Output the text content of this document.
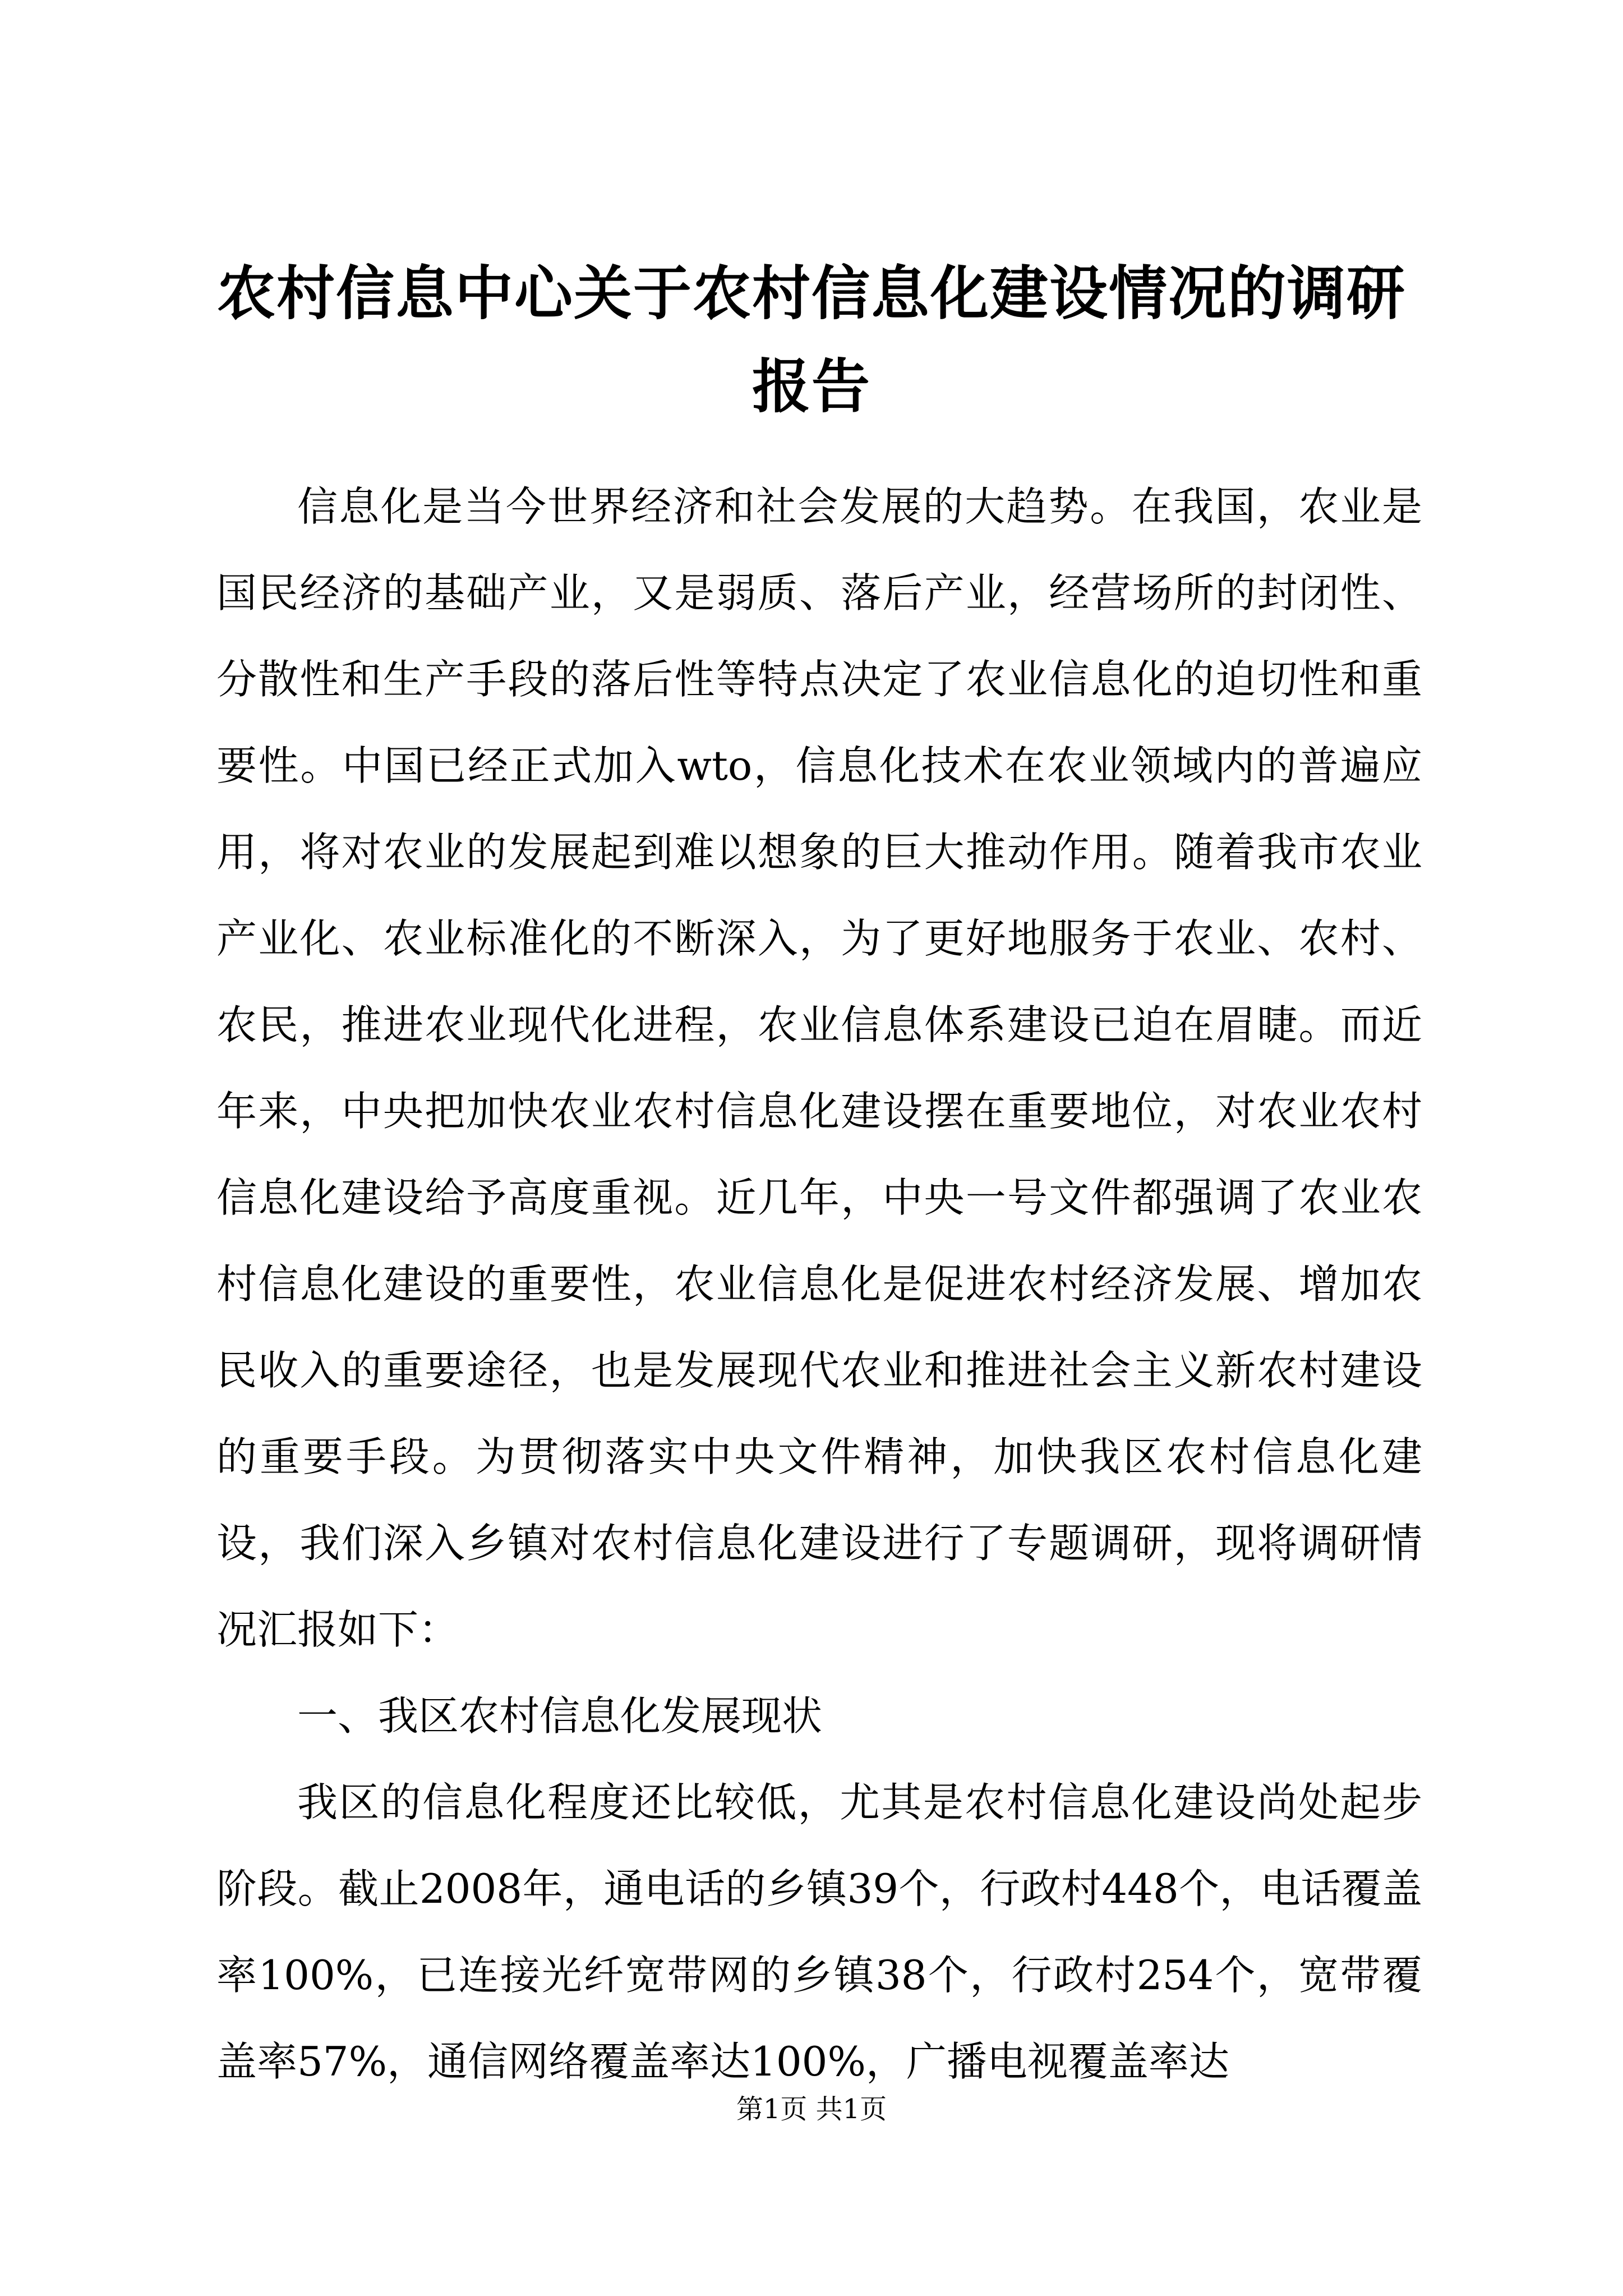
农村信息中心关于农村信息化建设情况的调研报告

信息化是当今世界经济和社会发展的大趋势。在我国，农业是国民经济的基础产业，又是弱质、落后产业，经营场所的封闭性、分散性和生产手段的落后性等特点决定了农业信息化的迫切性和重要性。中国已经正式加入wto，信息化技术在农业领域内的普遍应用，将对农业的发展起到难以想象的巨大推动作用。随着我市农业产业化、农业标准化的不断深入，为了更好地服务于农业、农村、农民，推进农业现代化进程，农业信息体系建设已迫在眉睫。而近年来，中央把加快农业农村信息化建设摆在重要地位，对农业农村信息化建设给予高度重视。近几年，中央一号文件都强调了农业农村信息化建设的重要性，农业信息化是促进农村经济发展、增加农民收入的重要途径，也是发展现代农业和推进社会主义新农村建设的重要手段。为贯彻落实中央文件精神，加快我区农村信息化建设，我们深入乡镇对农村信息化建设进行了专题调研，现将调研情况汇报如下：

一、我区农村信息化发展现状

我区的信息化程度还比较低，尤其是农村信息化建设尚处起步阶段。截止2008年，通电话的乡镇39个，行政村448个，电话覆盖率100%，已连接光纤宽带网的乡镇38个，行政村254个，宽带覆盖率57%，通信网络覆盖率达100%，广播电视覆盖率达

第1页 共1页
